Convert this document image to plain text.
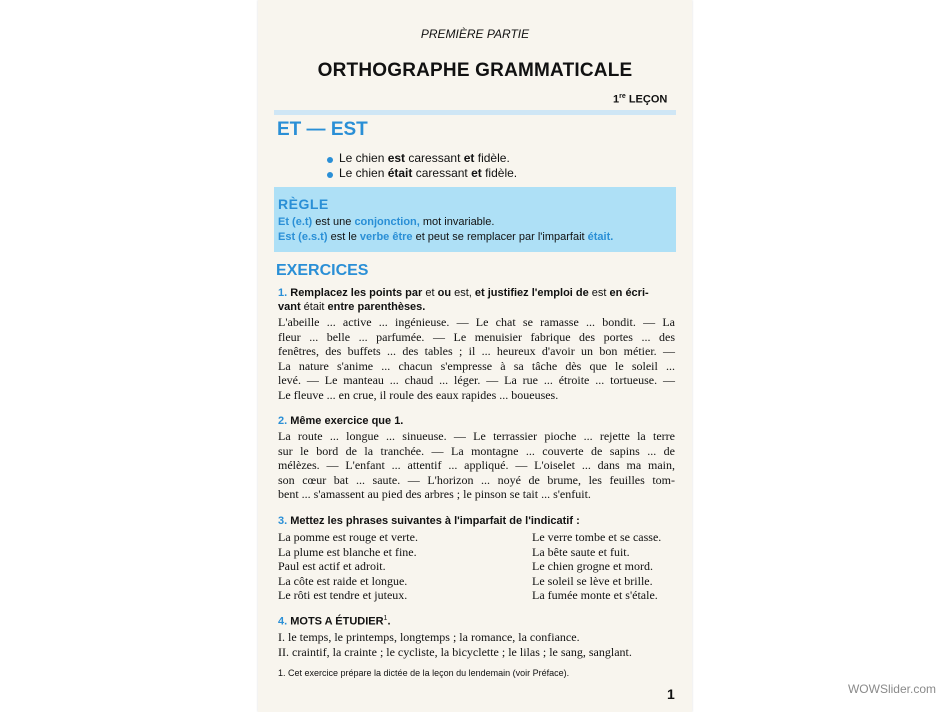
PREMIÈRE PARTIE
ORTHOGRAPHE GRAMMATICALE
1re LEÇON
ET — EST
Le chien est caressant et fidèle.
Le chien était caressant et fidèle.
RÈGLE
Et (e.t) est une conjonction, mot invariable.
Est (e.s.t) est le verbe être et peut se remplacer par l'imparfait était.
EXERCICES
1. Remplacez les points par et ou est, et justifiez l'emploi de est en écri-
vant était entre parenthèses.
L'abeille ... active ... ingénieuse. — Le chat se ramasse ... bondit. — La
fleur ... belle ... parfumée. — Le menuisier fabrique des portes ... des
fenêtres, des buffets ... des tables ; il ... heureux d'avoir un bon métier. —
La nature s'anime ... chacun s'empresse à sa tâche dès que le soleil ...
levé. — Le manteau ... chaud ... léger. — La rue ... étroite ... tortueuse. —
Le fleuve ... en crue, il roule des eaux rapides ... boueuses.
2. Même exercice que 1.
La route ... longue ... sinueuse. — Le terrassier pioche ... rejette la terre
sur le bord de la tranchée. — La montagne ... couverte de sapins ... de
mélèzes. — L'enfant ... attentif ... appliqué. — L'oiselet ... dans ma main,
son cœur bat ... saute. — L'horizon ... noyé de brume, les feuilles tom-
bent ... s'amassent au pied des arbres ; le pinson se tait ... s'enfuit.
3. Mettez les phrases suivantes à l'imparfait de l'indicatif :
La pomme est rouge et verte.
La plume est blanche et fine.
Paul est actif et adroit.
La côte est raide et longue.
Le rôti est tendre et juteux.
Le verre tombe et se casse.
La bête saute et fuit.
Le chien grogne et mord.
Le soleil se lève et brille.
La fumée monte et s'étale.
4. MOTS A ÉTUDIER$^1$.
I. le temps, le printemps, longtemps ; la romance, la confiance.
II. craintif, la crainte ; le cycliste, la bicyclette ; le lilas ; le sang, sanglant.
1. Cet exercice prépare la dictée de la leçon du lendemain (voir Préface).
1	WOWSlider.com
